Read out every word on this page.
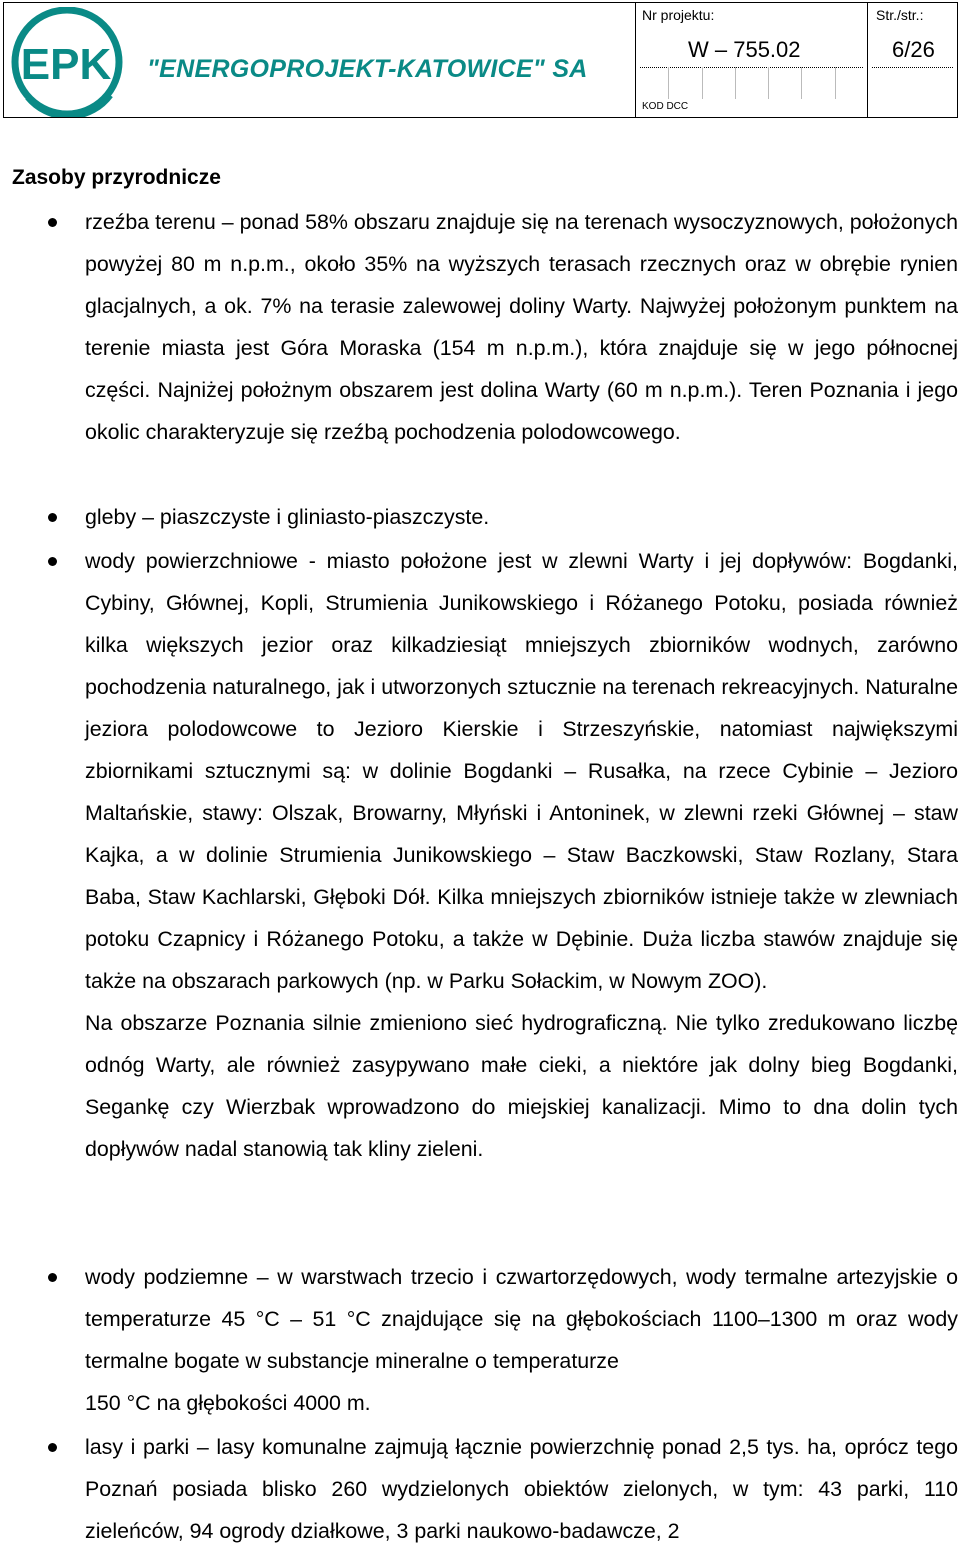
EPK "ENERGOPROJEKT-KATOWICE" SA
Nr projektu:
W – 755.02
KOD DCC
Str./str.:
6/26
Zasoby przyrodnicze

rzeźba terenu – ponad 58% obszaru znajduje się na terenach wysoczyznowych, położonych powyżej 80 m n.p.m., około 35% na wyższych terasach rzecznych oraz w obrębie rynien glacjalnych, a ok. 7% na terasie zalewowej doliny Warty. Najwyżej położonym punktem na terenie miasta jest Góra Moraska (154 m n.p.m.), która znajduje się w jego północnej części. Najniżej położnym obszarem jest dolina Warty (60 m n.p.m.). Teren Poznania i jego okolic charakteryzuje się rzeźbą pochodzenia polodowcowego.

gleby – piaszczyste i gliniasto-piaszczyste.

wody powierzchniowe - miasto położone jest w zlewni Warty i jej dopływów: Bogdanki, Cybiny, Głównej, Kopli, Strumienia Junikowskiego i Różanego Potoku, posiada również kilka większych jezior oraz kilkadziesiąt mniejszych zbiorników wodnych, zarówno pochodzenia naturalnego, jak i utworzonych sztucznie na terenach rekreacyjnych. Naturalne jeziora polodowcowe to Jezioro Kierskie i Strzeszyńskie, natomiast największymi zbiornikami sztucznymi są: w dolinie Bogdanki – Rusałka, na rzece Cybinie – Jezioro Maltańskie, stawy: Olszak, Browarny, Młyński i Antoninek, w zlewni rzeki Głównej – staw Kajka, a w dolinie Strumienia Junikowskiego – Staw Baczkowski, Staw Rozlany, Stara Baba, Staw Kachlarski, Głęboki Dół. Kilka mniejszych zbiorników istnieje także w zlewniach potoku Czapnicy i Różanego Potoku, a także w Dębinie. Duża liczba stawów znajduje się także na obszarach parkowych (np. w Parku Sołackim, w Nowym ZOO).

Na obszarze Poznania silnie zmieniono sieć hydrograficzną. Nie tylko zredukowano liczbę odnóg Warty, ale również zasypywano małe cieki, a niektóre jak dolny bieg Bogdanki, Segankę czy Wierzbak wprowadzono do miejskiej kanalizacji. Mimo to dna dolin tych dopływów nadal stanowią tak kliny zieleni.

wody podziemne – w warstwach trzecio i czwartorzędowych, wody termalne artezyjskie o temperaturze 45 °C – 51 °C znajdujące się na głębokościach 1100–1300 m oraz wody termalne bogate w substancje mineralne o temperaturze

150 °C na głębokości 4000 m.

lasy i parki – lasy komunalne zajmują łącznie powierzchnię ponad 2,5 tys. ha, oprócz tego Poznań posiada blisko 260 wydzielonych obiektów zielonych, w tym: 43 parki, 110 zieleńców, 94 ogrody działkowe, 3 parki naukowo-badawcze, 2
